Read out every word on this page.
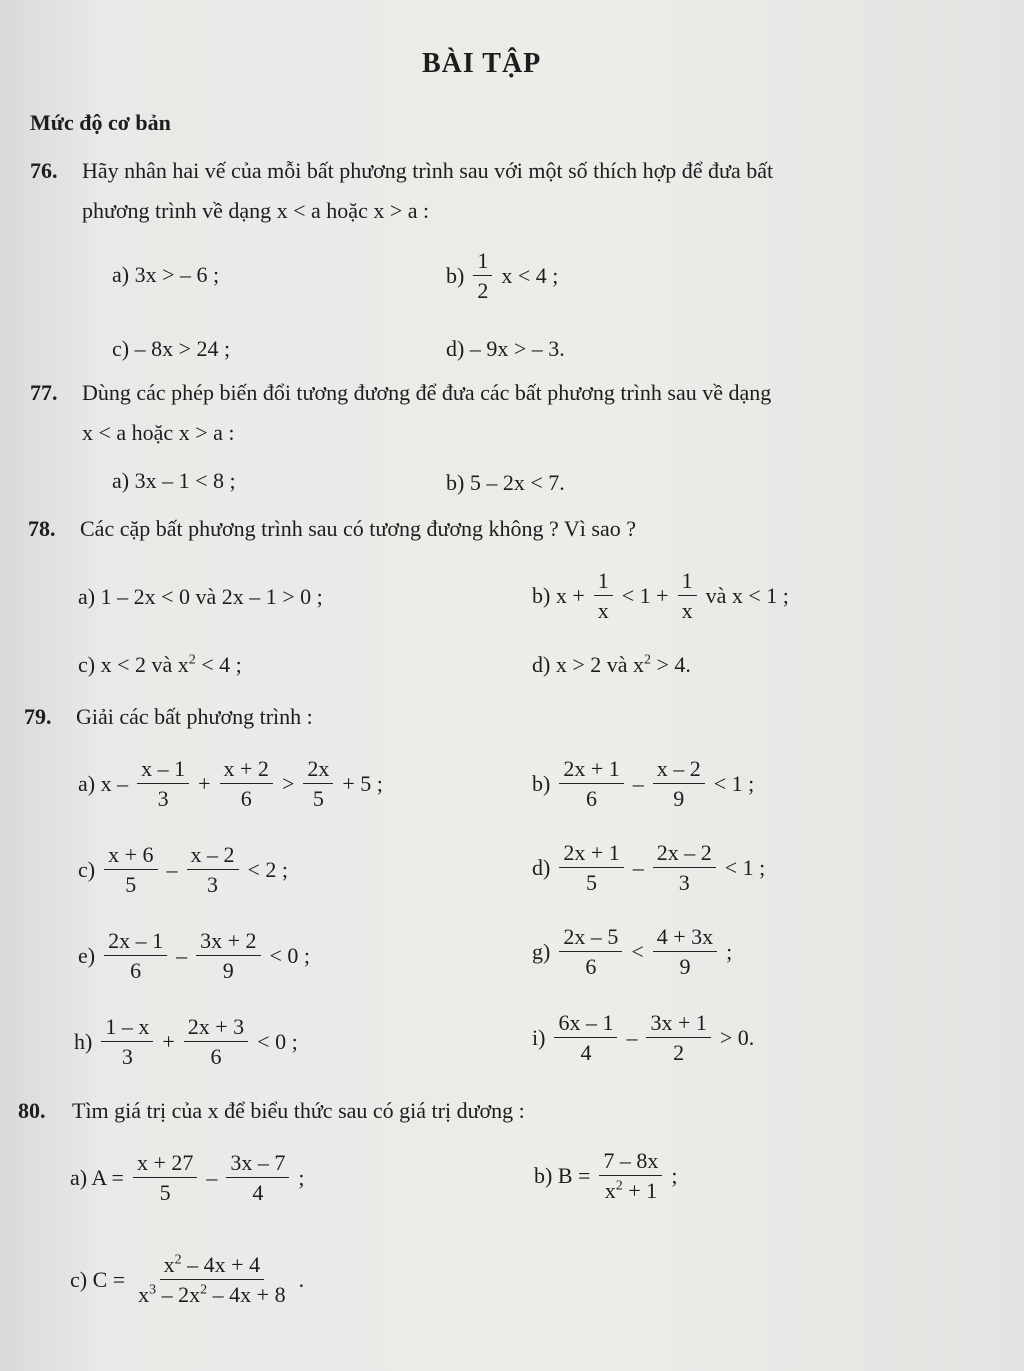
BÀI TẬP
Mức độ cơ bản
76. Hãy nhân hai vế của mỗi bất phương trình sau với một số thích hợp để đưa bất
phương trình về dạng x < a hoặc x > a :
a) 3x > – 6 ;	$b) \frac{1}{2}$ x < 4 ;
c) – 8x > 24 ;	d) – 9x > – 3.
77. Dùng các phép biến đổi tương đương để đưa các bất phương trình sau về dạng
x < a hoặc x > a :
a) 3x – 1 < 8 ;	b) 5 – 2x < 7.
78. Các cặp bất phương trình sau có tương đương không ? Vì sao ?
a) 1 – 2x < 0 và 2x – 1 > 0 ;	b) $x + \frac{1}{x} < 1 + \frac{1}{x}$ và x < 1 ;
c) x < 2 và $x^2 < 4$ ;	d) x > 2 và $x^2 > 4$.
79. Giải các bất phương trình :
a) $x - \frac{x - 1}{3} + \frac{x + 2}{6} > \frac{2x}{5} + 5$ ;	$b) \frac{2x + 1}{6} - \frac{x - 2}{9} < 1$ ;
$c) \frac{x + 6}{5} - \frac{x - 2}{3} < 2$ ;	$d) \frac{2x + 1}{5} - \frac{2x - 2}{3} < 1$ ;
$e) \frac{2x - 1}{6} - \frac{3x + 2}{9} < 0$ ;	$g) \frac{2x - 5}{6} < \frac{4 + 3x}{9}$ ;
$h) \frac{1 - x}{3} + \frac{2x + 3}{6} < 0$ ;	$i) \frac{6x - 1}{4} - \frac{3x + 1}{2} > 0$.
80. Tìm giá trị của x để biểu thức sau có giá trị dương :
a) $A = \frac{x + 27}{5} - \frac{3x - 7}{4}$ ;	b) $B = \frac{7 - 8x}{x^2 + 1}$ ;
c) $C = \frac{x^2 - 4x + 4}{x^3 - 2x^2 - 4x + 8}$ .
